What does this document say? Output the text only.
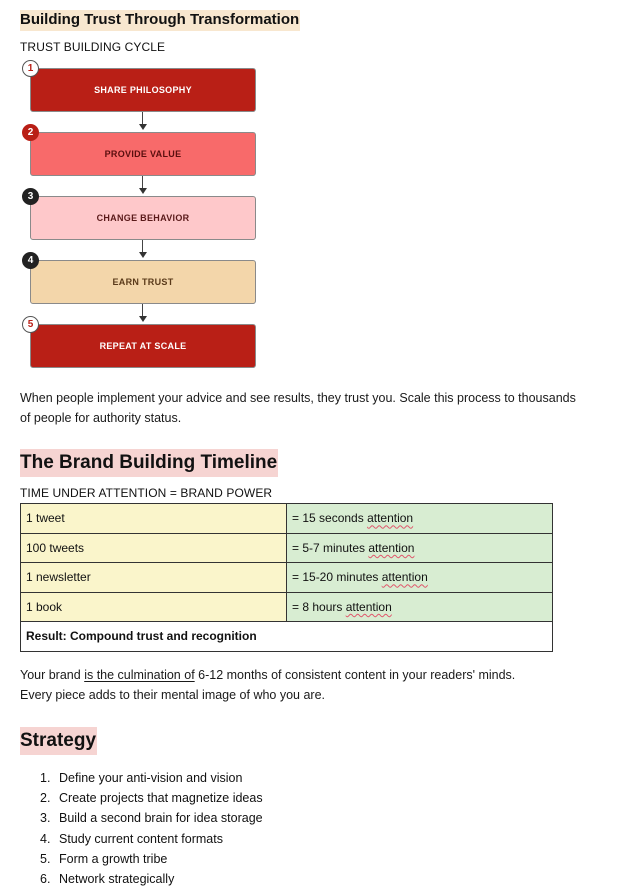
Building Trust Through Transformation
TRUST BUILDING CYCLE
SHARE PHILOSOPHY
PROVIDE VALUE
CHANGE BEHAVIOR
EARN TRUST
REPEAT AT SCALE
1
2
3
4
5
When people implement your advice and see results, they trust you. Scale this process to thousands of people for authority status.
The Brand Building Timeline
TIME UNDER ATTENTION = BRAND POWER
1 tweet	= 15 seconds attention
100 tweets	= 5-7 minutes attention
1 newsletter	= 15-20 minutes attention
1 book	= 8 hours attention
Result: Compound trust and recognition	
Your brand is the culmination of 6-12 months of consistent content in your readers' minds.
Every piece adds to their mental image of who you are.
Strategy
1. Define your anti-vision and vision
2. Create projects that magnetize ideas
3. Build a second brain for idea storage
4. Study current content formats
5. Form a growth tribe
6. Network strategically
